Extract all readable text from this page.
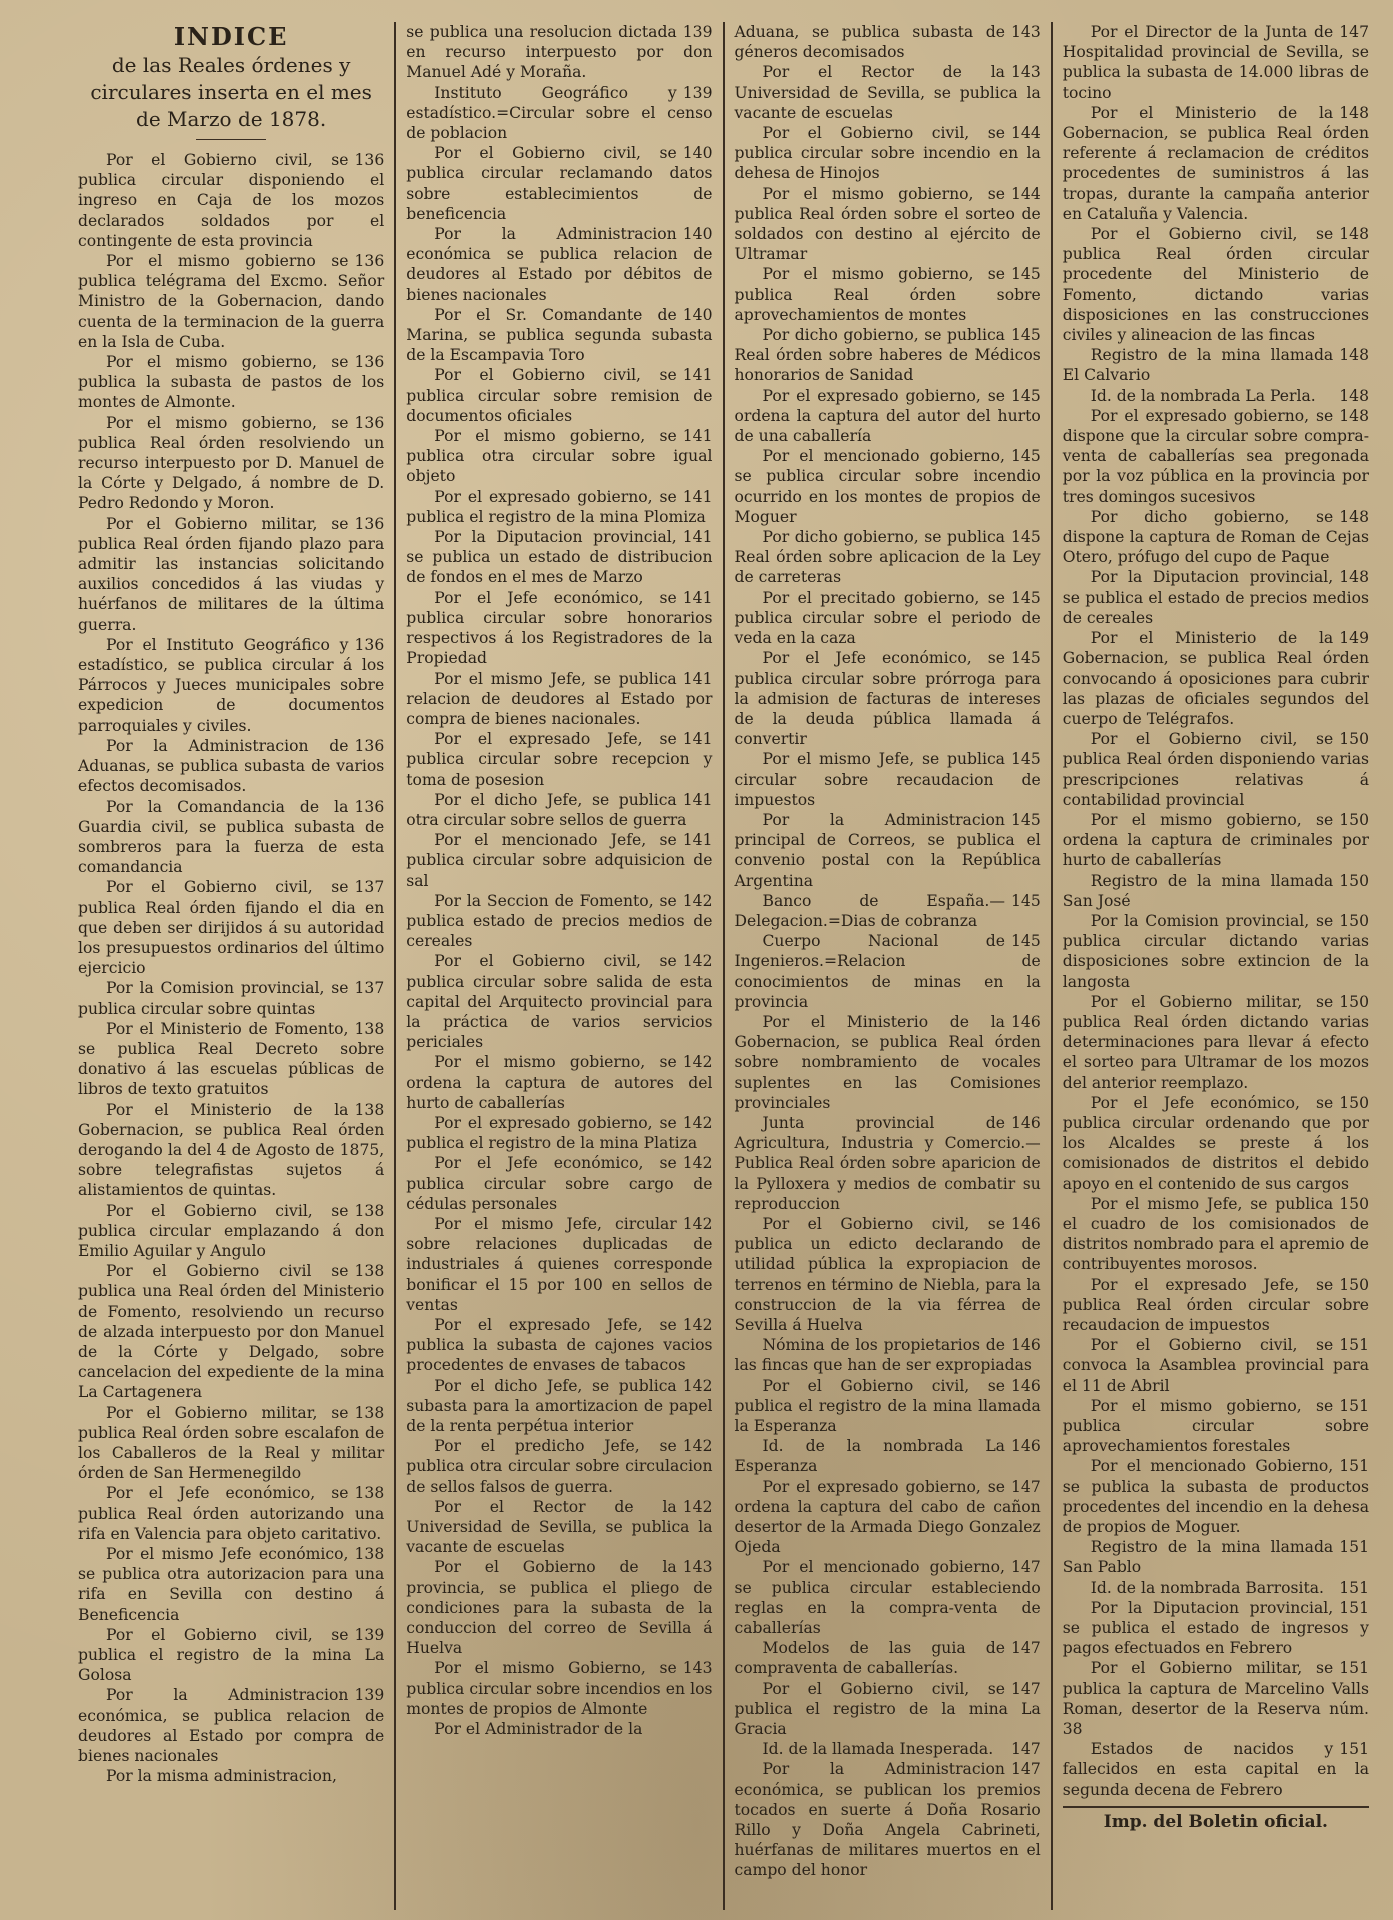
INDICE
de las Reales órdenes y circulares inserta en el mes de Marzo de 1878.

136
Por el Gobierno civil, se publica circular disponiendo el ingreso en Caja de los mozos declarados soldados por el contingente de esta provincia

136
Por el mismo gobierno se publica telégrama del Excmo. Señor Ministro de la Gobernacion, dando cuenta de la terminacion de la guerra en la Isla de Cuba.

136
Por el mismo gobierno, se publica la subasta de pastos de los montes de Almonte.

136
Por el mismo gobierno, se publica Real órden resolviendo un recurso interpuesto por D. Manuel de la Córte y Delgado, á nombre de D. Pedro Redondo y Moron.

136
Por el Gobierno militar, se publica Real órden fijando plazo para admitir las instancias solicitando auxilios concedidos á las viudas y huérfanos de militares de la última guerra.

136
Por el Instituto Geográfico y estadístico, se publica circular á los Párrocos y Jueces municipales sobre expedicion de documentos parroquiales y civiles.

136
Por la Administracion de Aduanas, se publica subasta de varios efectos decomisados.

136
Por la Comandancia de la Guardia civil, se publica subasta de sombreros para la fuerza de esta comandancia

137
Por el Gobierno civil, se publica Real órden fijando el dia en que deben ser dirijidos á su autoridad los presupuestos ordinarios del último ejercicio

137
Por la Comision provincial, se publica circular sobre quintas

138
Por el Ministerio de Fomento, se publica Real Decreto sobre donativo á las escuelas públicas de libros de texto gratuitos

138
Por el Ministerio de la Gobernacion, se publica Real órden derogando la del 4 de Agosto de 1875, sobre telegrafistas sujetos á alistamientos de quintas.

138
Por el Gobierno civil, se publica circular emplazando á don Emilio Aguilar y Angulo

138
Por el Gobierno civil se publica una Real órden del Ministerio de Fomento, resolviendo un recurso de alzada interpuesto por don Manuel de la Córte y Delgado, sobre cancelacion del expediente de la mina La Cartagenera

138
Por el Gobierno militar, se publica Real órden sobre escalafon de los Caballeros de la Real y militar órden de San Hermenegildo

138
Por el Jefe económico, se publica Real órden autorizando una rifa en Valencia para objeto caritativo.

138
Por el mismo Jefe económico, se publica otra autorizacion para una rifa en Sevilla con destino á Beneficencia

139
Por el Gobierno civil, se publica el registro de la mina La Golosa

139
Por la Administracion económica, se publica relacion de deudores al Estado por compra de bienes nacionales

Por la misma administracion,

139
se publica una resolucion dictada en recurso interpuesto por don Manuel Adé y Moraña.

139
Instituto Geográfico y estadístico.=Circular sobre el censo de poblacion

140
Por el Gobierno civil, se publica circular reclamando datos sobre establecimientos de beneficencia

140
Por la Administracion económica se publica relacion de deudores al Estado por débitos de bienes nacionales

140
Por el Sr. Comandante de Marina, se publica segunda subasta de la Escampavia Toro

141
Por el Gobierno civil, se publica circular sobre remision de documentos oficiales

141
Por el mismo gobierno, se publica otra circular sobre igual objeto

141
Por el expresado gobierno, se publica el registro de la mina Plomiza

141
Por la Diputacion provincial, se publica un estado de distribucion de fondos en el mes de Marzo

141
Por el Jefe económico, se publica circular sobre honorarios respectivos á los Registradores de la Propiedad

141
Por el mismo Jefe, se publica relacion de deudores al Estado por compra de bienes nacionales.

141
Por el expresado Jefe, se publica circular sobre recepcion y toma de posesion

141
Por el dicho Jefe, se publica otra circular sobre sellos de guerra

141
Por el mencionado Jefe, se publica circular sobre adquisicion de sal

142
Por la Seccion de Fomento, se publica estado de precios medios de cereales

142
Por el Gobierno civil, se publica circular sobre salida de esta capital del Arquitecto provincial para la práctica de varios servicios periciales

142
Por el mismo gobierno, se ordena la captura de autores del hurto de caballerías

142
Por el expresado gobierno, se publica el registro de la mina Platiza

142
Por el Jefe económico, se publica circular sobre cargo de cédulas personales

142
Por el mismo Jefe, circular sobre relaciones duplicadas de industriales á quienes corresponde bonificar el 15 por 100 en sellos de ventas

142
Por el expresado Jefe, se publica la subasta de cajones vacios procedentes de envases de tabacos

142
Por el dicho Jefe, se publica subasta para la amortizacion de papel de la renta perpétua interior

142
Por el predicho Jefe, se publica otra circular sobre circulacion de sellos falsos de guerra.

142
Por el Rector de la Universidad de Sevilla, se publica la vacante de escuelas

143
Por el Gobierno de la provincia, se publica el pliego de condiciones para la subasta de la conduccion del correo de Sevilla á Huelva

143
Por el mismo Gobierno, se publica circular sobre incendios en los montes de propios de Almonte

Por el Administrador de la

143
Aduana, se publica subasta de géneros decomisados

143
Por el Rector de la Universidad de Sevilla, se publica la vacante de escuelas

144
Por el Gobierno civil, se publica circular sobre incendio en la dehesa de Hinojos

144
Por el mismo gobierno, se publica Real órden sobre el sorteo de soldados con destino al ejército de Ultramar

145
Por el mismo gobierno, se publica Real órden sobre aprovechamientos de montes

145
Por dicho gobierno, se publica Real órden sobre haberes de Médicos honorarios de Sanidad

145
Por el expresado gobierno, se ordena la captura del autor del hurto de una caballería

145
Por el mencionado gobierno, se publica circular sobre incendio ocurrido en los montes de propios de Moguer

145
Por dicho gobierno, se publica Real órden sobre aplicacion de la Ley de carreteras

145
Por el precitado gobierno, se publica circular sobre el periodo de veda en la caza

145
Por el Jefe económico, se publica circular sobre prórroga para la admision de facturas de intereses de la deuda pública llamada á convertir

145
Por el mismo Jefe, se publica circular sobre recaudacion de impuestos

145
Por la Administracion principal de Correos, se publica el convenio postal con la República Argentina

145
Banco de España.—Delegacion.=Dias de cobranza

145
Cuerpo Nacional de Ingenieros.=Relacion de conocimientos de minas en la provincia

146
Por el Ministerio de la Gobernacion, se publica Real órden sobre nombramiento de vocales suplentes en las Comisiones provinciales

146
Junta provincial de Agricultura, Industria y Comercio.—Publica Real órden sobre aparicion de la Pylloxera y medios de combatir su reproduccion

146
Por el Gobierno civil, se publica un edicto declarando de utilidad pública la expropiacion de terrenos en término de Niebla, para la construccion de la via férrea de Sevilla á Huelva

146
Nómina de los propietarios de las fincas que han de ser expropiadas

146
Por el Gobierno civil, se publica el registro de la mina llamada la Esperanza

146
Id. de la nombrada La Esperanza

147
Por el expresado gobierno, se ordena la captura del cabo de cañon desertor de la Armada Diego Gonzalez Ojeda

147
Por el mencionado gobierno, se publica circular estableciendo reglas en la compra-venta de caballerías

147
Modelos de las guia de compraventa de caballerías.

147
Por el Gobierno civil, se publica el registro de la mina La Gracia

147
Id. de la llamada Inesperada.

147
Por la Administracion económica, se publican los premios tocados en suerte á Doña Rosario Rillo y Doña Angela Cabrineti, huérfanas de militares muertos en el campo del honor

147
Por el Director de la Junta de Hospitalidad provincial de Sevilla, se publica la subasta de 14.000 libras de tocino

148
Por el Ministerio de la Gobernacion, se publica Real órden referente á reclamacion de créditos procedentes de suministros á las tropas, durante la campaña anterior en Cataluña y Valencia.

148
Por el Gobierno civil, se publica Real órden circular procedente del Ministerio de Fomento, dictando varias disposiciones en las construcciones civiles y alineacion de las fincas

148
Registro de la mina llamada El Calvario

148
Id. de la nombrada La Perla.

148
Por el expresado gobierno, se dispone que la circular sobre compra-venta de caballerías sea pregonada por la voz pública en la provincia por tres domingos sucesivos

148
Por dicho gobierno, se dispone la captura de Roman de Cejas Otero, prófugo del cupo de Paque

148
Por la Diputacion provincial, se publica el estado de precios medios de cereales

149
Por el Ministerio de la Gobernacion, se publica Real órden convocando á oposiciones para cubrir las plazas de oficiales segundos del cuerpo de Telégrafos.

150
Por el Gobierno civil, se publica Real órden disponiendo varias prescripciones relativas á contabilidad provincial

150
Por el mismo gobierno, se ordena la captura de criminales por hurto de caballerías

150
Registro de la mina llamada San José

150
Por la Comision provincial, se publica circular dictando varias disposiciones sobre extincion de la langosta

150
Por el Gobierno militar, se publica Real órden dictando varias determinaciones para llevar á efecto el sorteo para Ultramar de los mozos del anterior reemplazo.

150
Por el Jefe económico, se publica circular ordenando que por los Alcaldes se preste á los comisionados de distritos el debido apoyo en el contenido de sus cargos

150
Por el mismo Jefe, se publica el cuadro de los comisionados de distritos nombrado para el apremio de contribuyentes morosos.

150
Por el expresado Jefe, se publica Real órden circular sobre recaudacion de impuestos

151
Por el Gobierno civil, se convoca la Asamblea provincial para el 11 de Abril

151
Por el mismo gobierno, se publica circular sobre aprovechamientos forestales

151
Por el mencionado Gobierno, se publica la subasta de productos procedentes del incendio en la dehesa de propios de Moguer.

151
Registro de la mina llamada San Pablo

151
Id. de la nombrada Barrosita.

151
Por la Diputacion provincial, se publica el estado de ingresos y pagos efectuados en Febrero

151
Por el Gobierno militar, se publica la captura de Marcelino Valls Roman, desertor de la Reserva núm. 38

151
Estados de nacidos y fallecidos en esta capital en la segunda decena de Febrero

Imp. del Boletin oficial.
